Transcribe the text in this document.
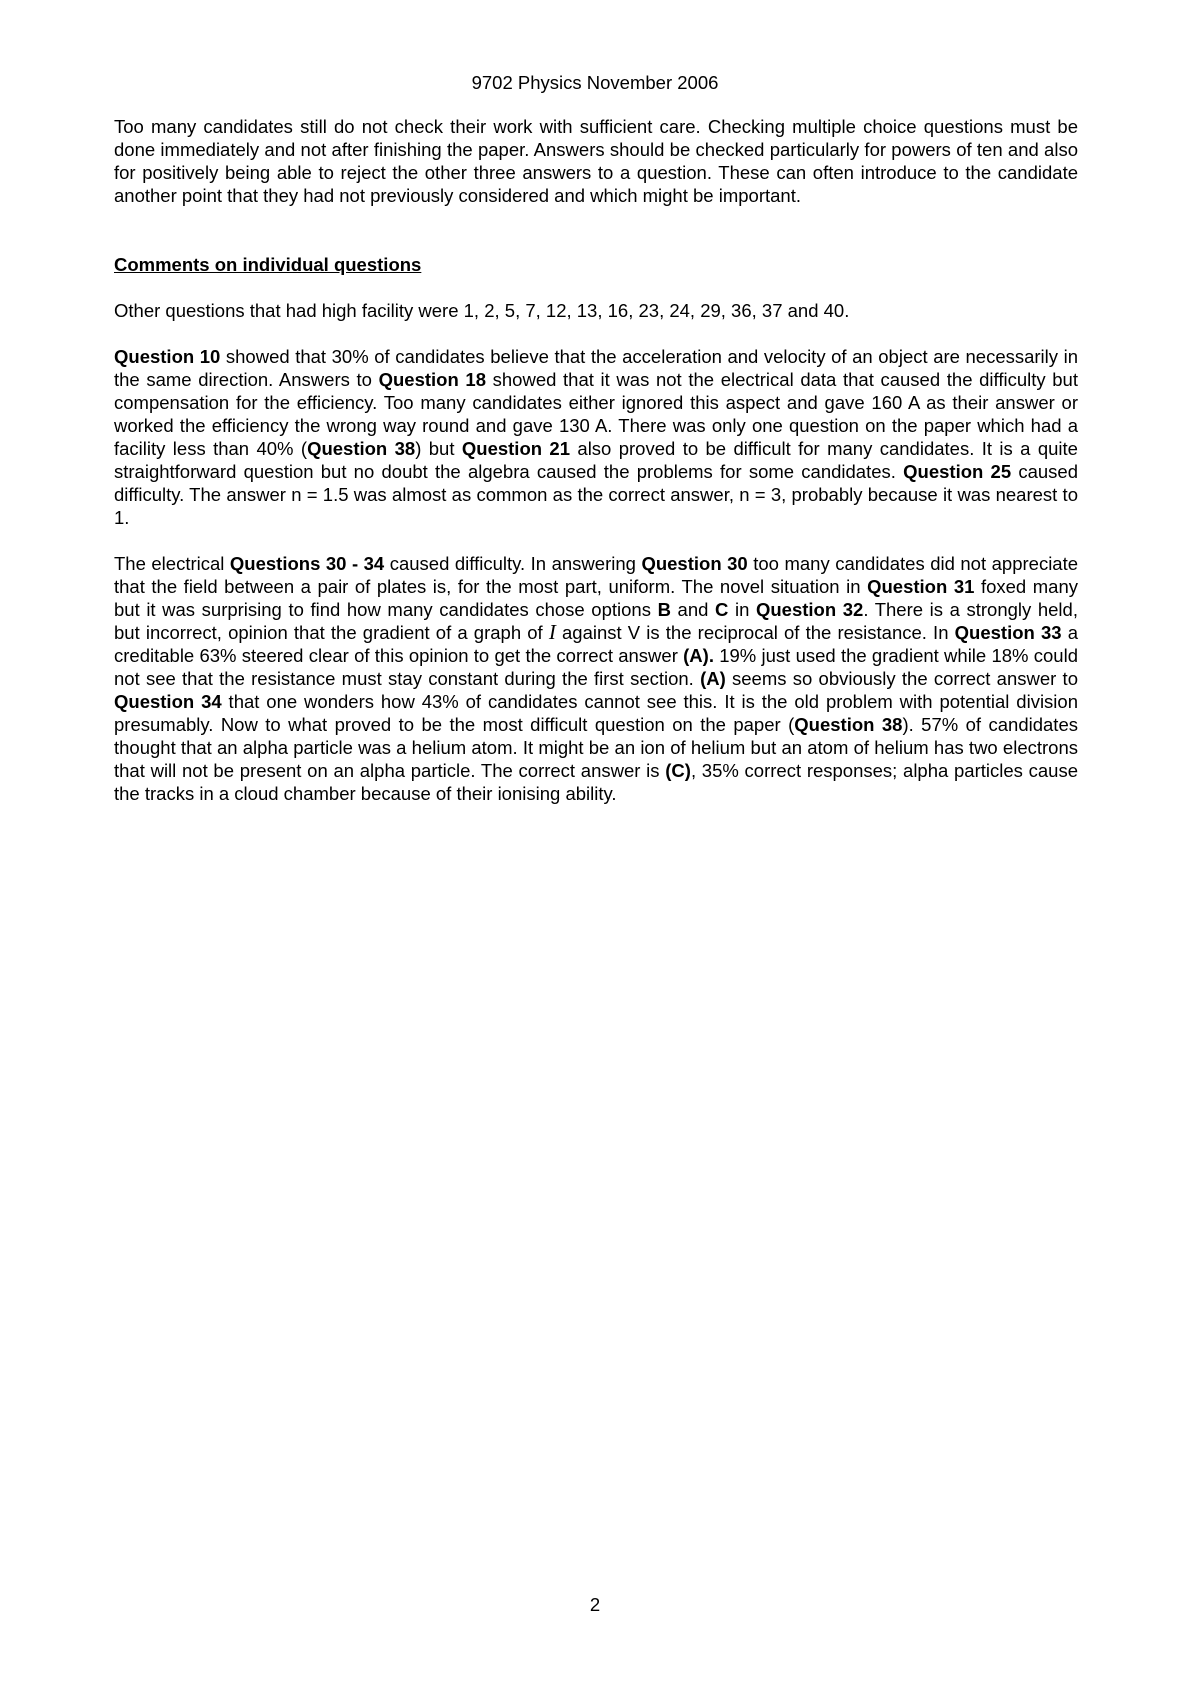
9702 Physics November 2006

Too many candidates still do not check their work with sufficient care. Checking multiple choice questions must be done immediately and not after finishing the paper. Answers should be checked particularly for powers of ten and also for positively being able to reject the other three answers to a question. These can often introduce to the candidate another point that they had not previously considered and which might be important.

Comments on individual questions

Other questions that had high facility were 1, 2, 5, 7, 12, 13, 16, 23, 24, 29, 36, 37 and 40.

Question 10 showed that 30% of candidates believe that the acceleration and velocity of an object are necessarily in the same direction. Answers to Question 18 showed that it was not the electrical data that caused the difficulty but compensation for the efficiency. Too many candidates either ignored this aspect and gave 160 A as their answer or worked the efficiency the wrong way round and gave 130 A. There was only one question on the paper which had a facility less than 40% (Question 38) but Question 21 also proved to be difficult for many candidates. It is a quite straightforward question but no doubt the algebra caused the problems for some candidates. Question 25 caused difficulty. The answer n = 1.5 was almost as common as the correct answer, n = 3, probably because it was nearest to 1.

The electrical Questions 30 - 34 caused difficulty. In answering Question 30 too many candidates did not appreciate that the field between a pair of plates is, for the most part, uniform. The novel situation in Question 31 foxed many but it was surprising to find how many candidates chose options B and C in Question 32. There is a strongly held, but incorrect, opinion that the gradient of a graph of I against V is the reciprocal of the resistance. In Question 33 a creditable 63% steered clear of this opinion to get the correct answer (A). 19% just used the gradient while 18% could not see that the resistance must stay constant during the first section. (A) seems so obviously the correct answer to Question 34 that one wonders how 43% of candidates cannot see this. It is the old problem with potential division presumably. Now to what proved to be the most difficult question on the paper (Question 38). 57% of candidates thought that an alpha particle was a helium atom. It might be an ion of helium but an atom of helium has two electrons that will not be present on an alpha particle. The correct answer is (C), 35% correct responses; alpha particles cause the tracks in a cloud chamber because of their ionising ability.

2
